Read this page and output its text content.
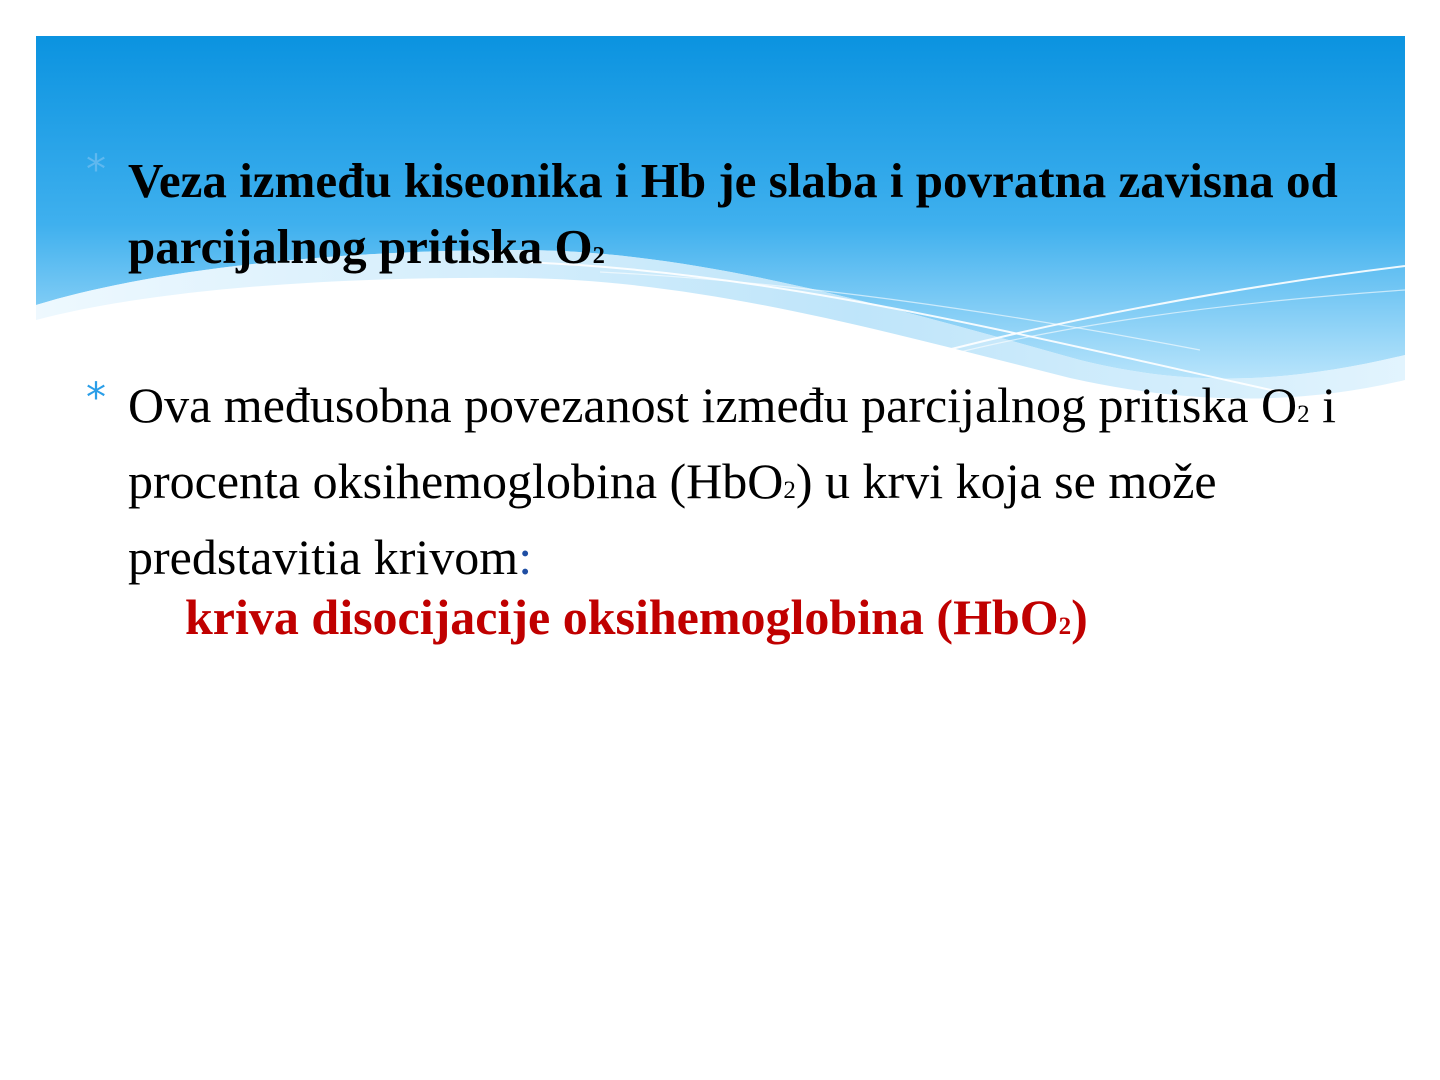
* Veza između kiseonika i Hb je slaba i povratna zavisna od parcijalnog pritiska O2
* Ova međusobna povezanost između parcijalnog pritiska O2 i procenta oksihemoglobina (HbO2) u krvi koja se može predstavitia krivom:
kriva disocijacije oksihemoglobina (HbO2)
